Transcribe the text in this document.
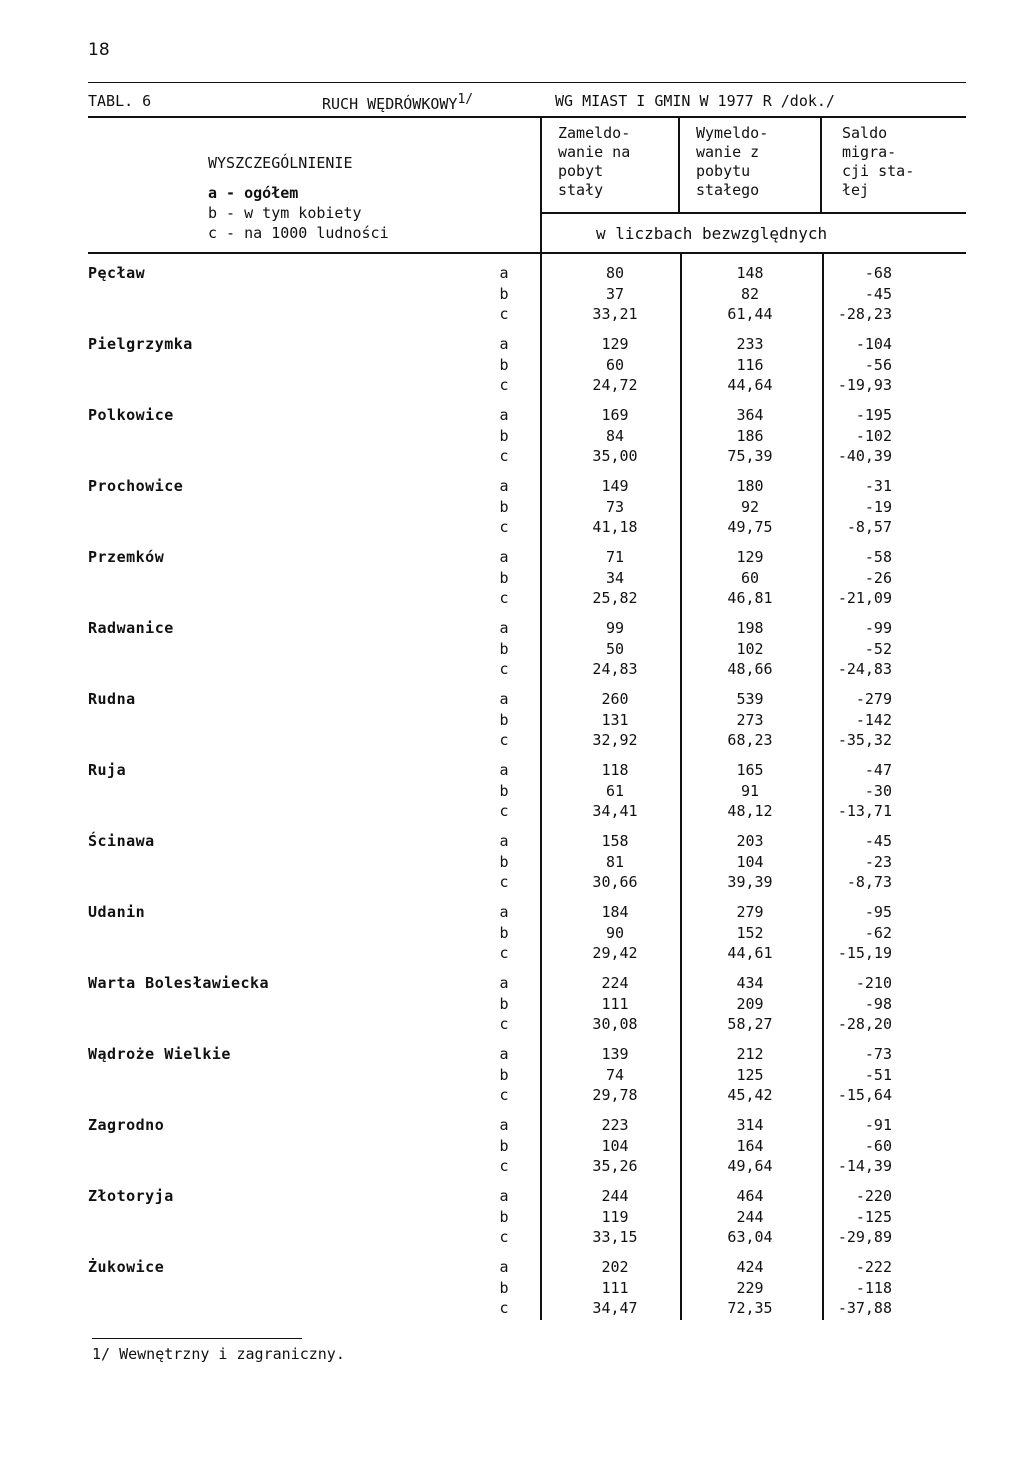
18
TABL. 6	RUCH $WĘDRÓWKOWY^{1/}$	WG MIAST I GMIN W 1977 R /dok./
WYSZCZEGÓLNIENIE
a - ogółem
b - w tym kobiety
c - na 1000 ludności
Zameldo-
wanie na
pobyt
stały
Wymeldo-
wanie z
pobytu
stałego
Saldo
migra-
cji sta-
łej
w liczbach bezwzględnych
Pęcław	a	80	148	-68
b	37	82	-45
c	33,21	61,44	-28,23
Pielgrzymka	a	129	233	-104
b	60	116	-56
c	24,72	44,64	-19,93
Polkowice	a	169	364	-195
b	84	186	-102
c	35,00	75,39	-40,39
Prochowice	a	149	180	-31
b	73	92	-19
c	41,18	49,75	-8,57
Przemków	a	71	129	-58
b	34	60	-26
c	25,82	46,81	-21,09
Radwanice	a	99	198	-99
b	50	102	-52
c	24,83	48,66	-24,83
Rudna	a	260	539	-279
b	131	273	-142
c	32,92	68,23	-35,32
Ruja	a	118	165	-47
b	61	91	-30
c	34,41	48,12	-13,71
Ścinawa	a	158	203	-45
b	81	104	-23
c	30,66	39,39	-8,73
Udanin	a	184	279	-95
b	90	152	-62
c	29,42	44,61	-15,19
Warta Bolesławiecka	a	224	434	-210
b	111	209	-98
c	30,08	58,27	-28,20
Wądroże Wielkie	a	139	212	-73
b	74	125	-51
c	29,78	45,42	-15,64
Zagrodno	a	223	314	-91
b	104	164	-60
c	35,26	49,64	-14,39
Złotoryja	a	244	464	-220
b	119	244	-125
c	33,15	63,04	-29,89
Żukowice	a	202	424	-222
b	111	229	-118
c	34,47	72,35	-37,88
1/ Wewnętrzny i zagraniczny.
